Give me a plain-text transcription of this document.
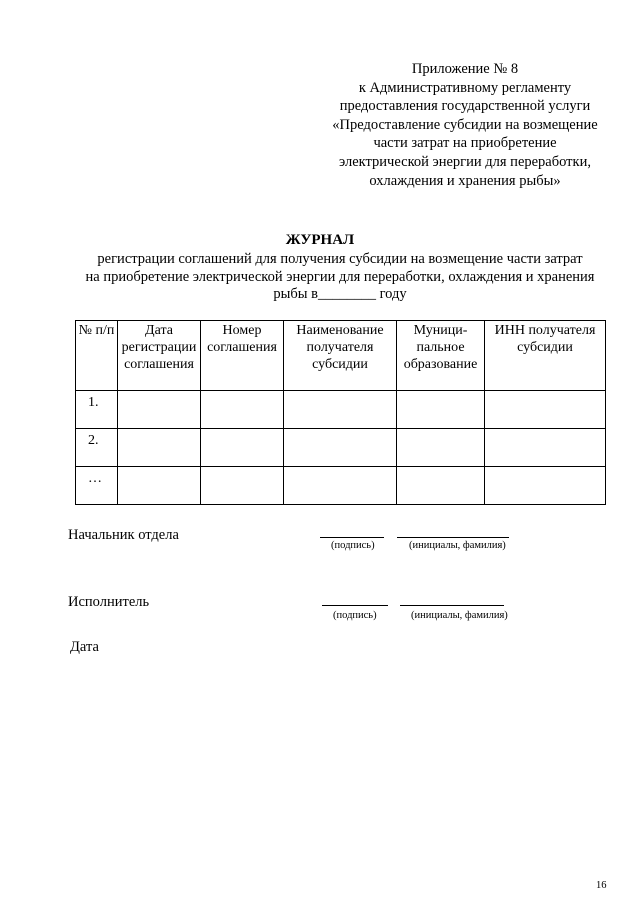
Приложение № 8
к Административному регламенту
предоставления государственной услуги
«Предоставление субсидии на возмещение
части затрат на приобретение
электрической энергии для переработки,
охлаждения и хранения рыбы»
ЖУРНАЛ
регистрации соглашений для получения субсидии на возмещение части затрат
на приобретение электрической энергии для переработки, охлаждения и хранения
рыбы в________ году
№ п/п	Дата регистрации соглашения	Номер соглашения	Наименование получателя субсидии	Муници-пальное образование	ИНН получателя субсидии
1.					
2.					
…					
Начальник отдела
(подпись)	(инициалы, фамилия)
Исполнитель
(подпись)	(инициалы, фамилия)
Дата
16
